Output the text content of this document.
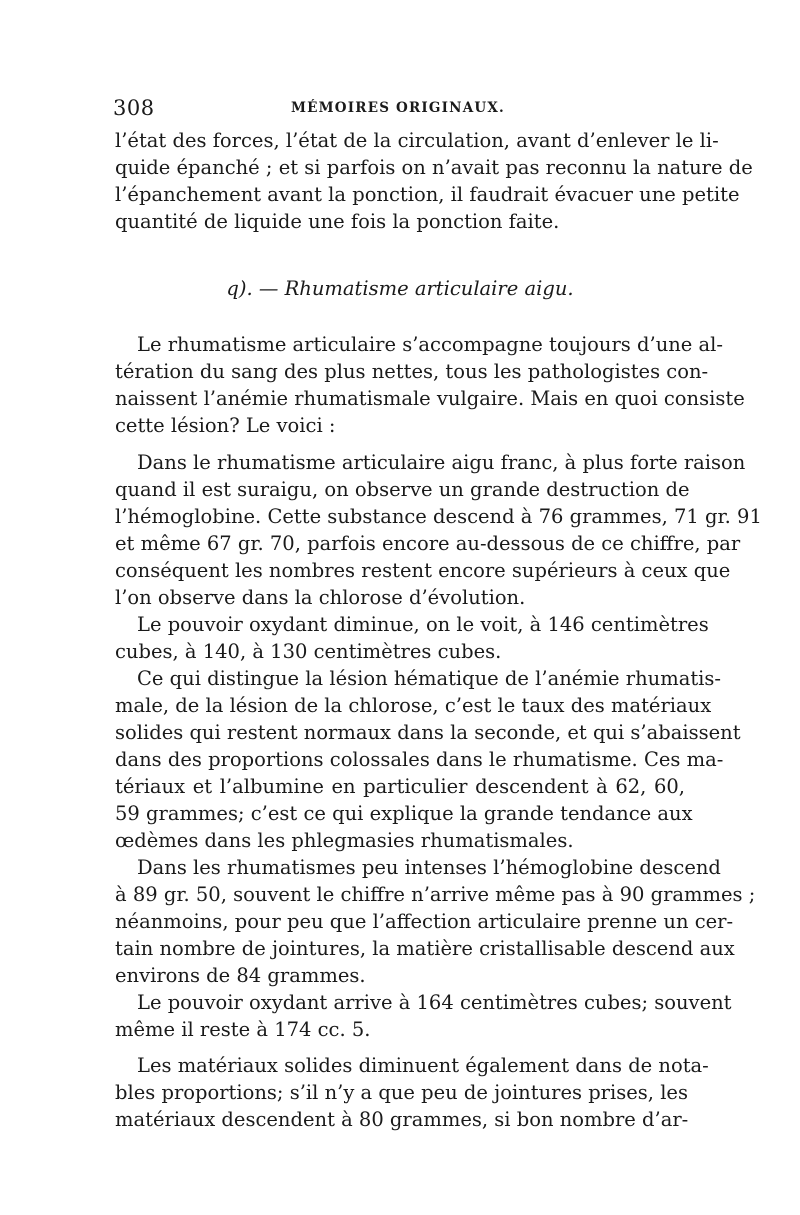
308	MÉMOIRES ORIGINAUX.
l’état des forces, l’état de la circulation, avant d’enlever le li-
quide épanché ; et si parfois on n’avait pas reconnu la nature de
l’épanchement avant la ponction, il faudrait évacuer une petite
quantité de liquide une fois la ponction faite.
q). — Rhumatisme articulaire aigu.
Le rhumatisme articulaire s’accompagne toujours d’une al-
tération du sang des plus nettes, tous les pathologistes con-
naissent l’anémie rhumatismale vulgaire. Mais en quoi consiste
cette lésion? Le voici :
Dans le rhumatisme articulaire aigu franc, à plus forte raison
quand il est suraigu, on observe un grande destruction de
l’hémoglobine. Cette substance descend à 76 grammes, 71 gr. 91
et même 67 gr. 70, parfois encore au-dessous de ce chiffre, par
conséquent les nombres restent encore supérieurs à ceux que
l’on observe dans la chlorose d’évolution.
Le pouvoir oxydant diminue, on le voit, à 146 centimètres
cubes, à 140, à 130 centimètres cubes.
Ce qui distingue la lésion hématique de l’anémie rhumatis-
male, de la lésion de la chlorose, c’est le taux des matériaux
solides qui restent normaux dans la seconde, et qui s’abaissent
dans des proportions colossales dans le rhumatisme. Ces ma-
tériaux et l’albumine en particulier descendent à 62, 60,
59 grammes; c’est ce qui explique la grande tendance aux
œdèmes dans les phlegmasies rhumatismales.
Dans les rhumatismes peu intenses l’hémoglobine descend
à 89 gr. 50, souvent le chiffre n’arrive même pas à 90 grammes ;
néanmoins, pour peu que l’affection articulaire prenne un cer-
tain nombre de jointures, la matière cristallisable descend aux
environs de 84 grammes.
Le pouvoir oxydant arrive à 164 centimètres cubes; souvent
même il reste à 174 cc. 5.
Les matériaux solides diminuent également dans de nota-
bles proportions; s’il n’y a que peu de jointures prises, les
matériaux descendent à 80 grammes, si bon nombre d’ar-
